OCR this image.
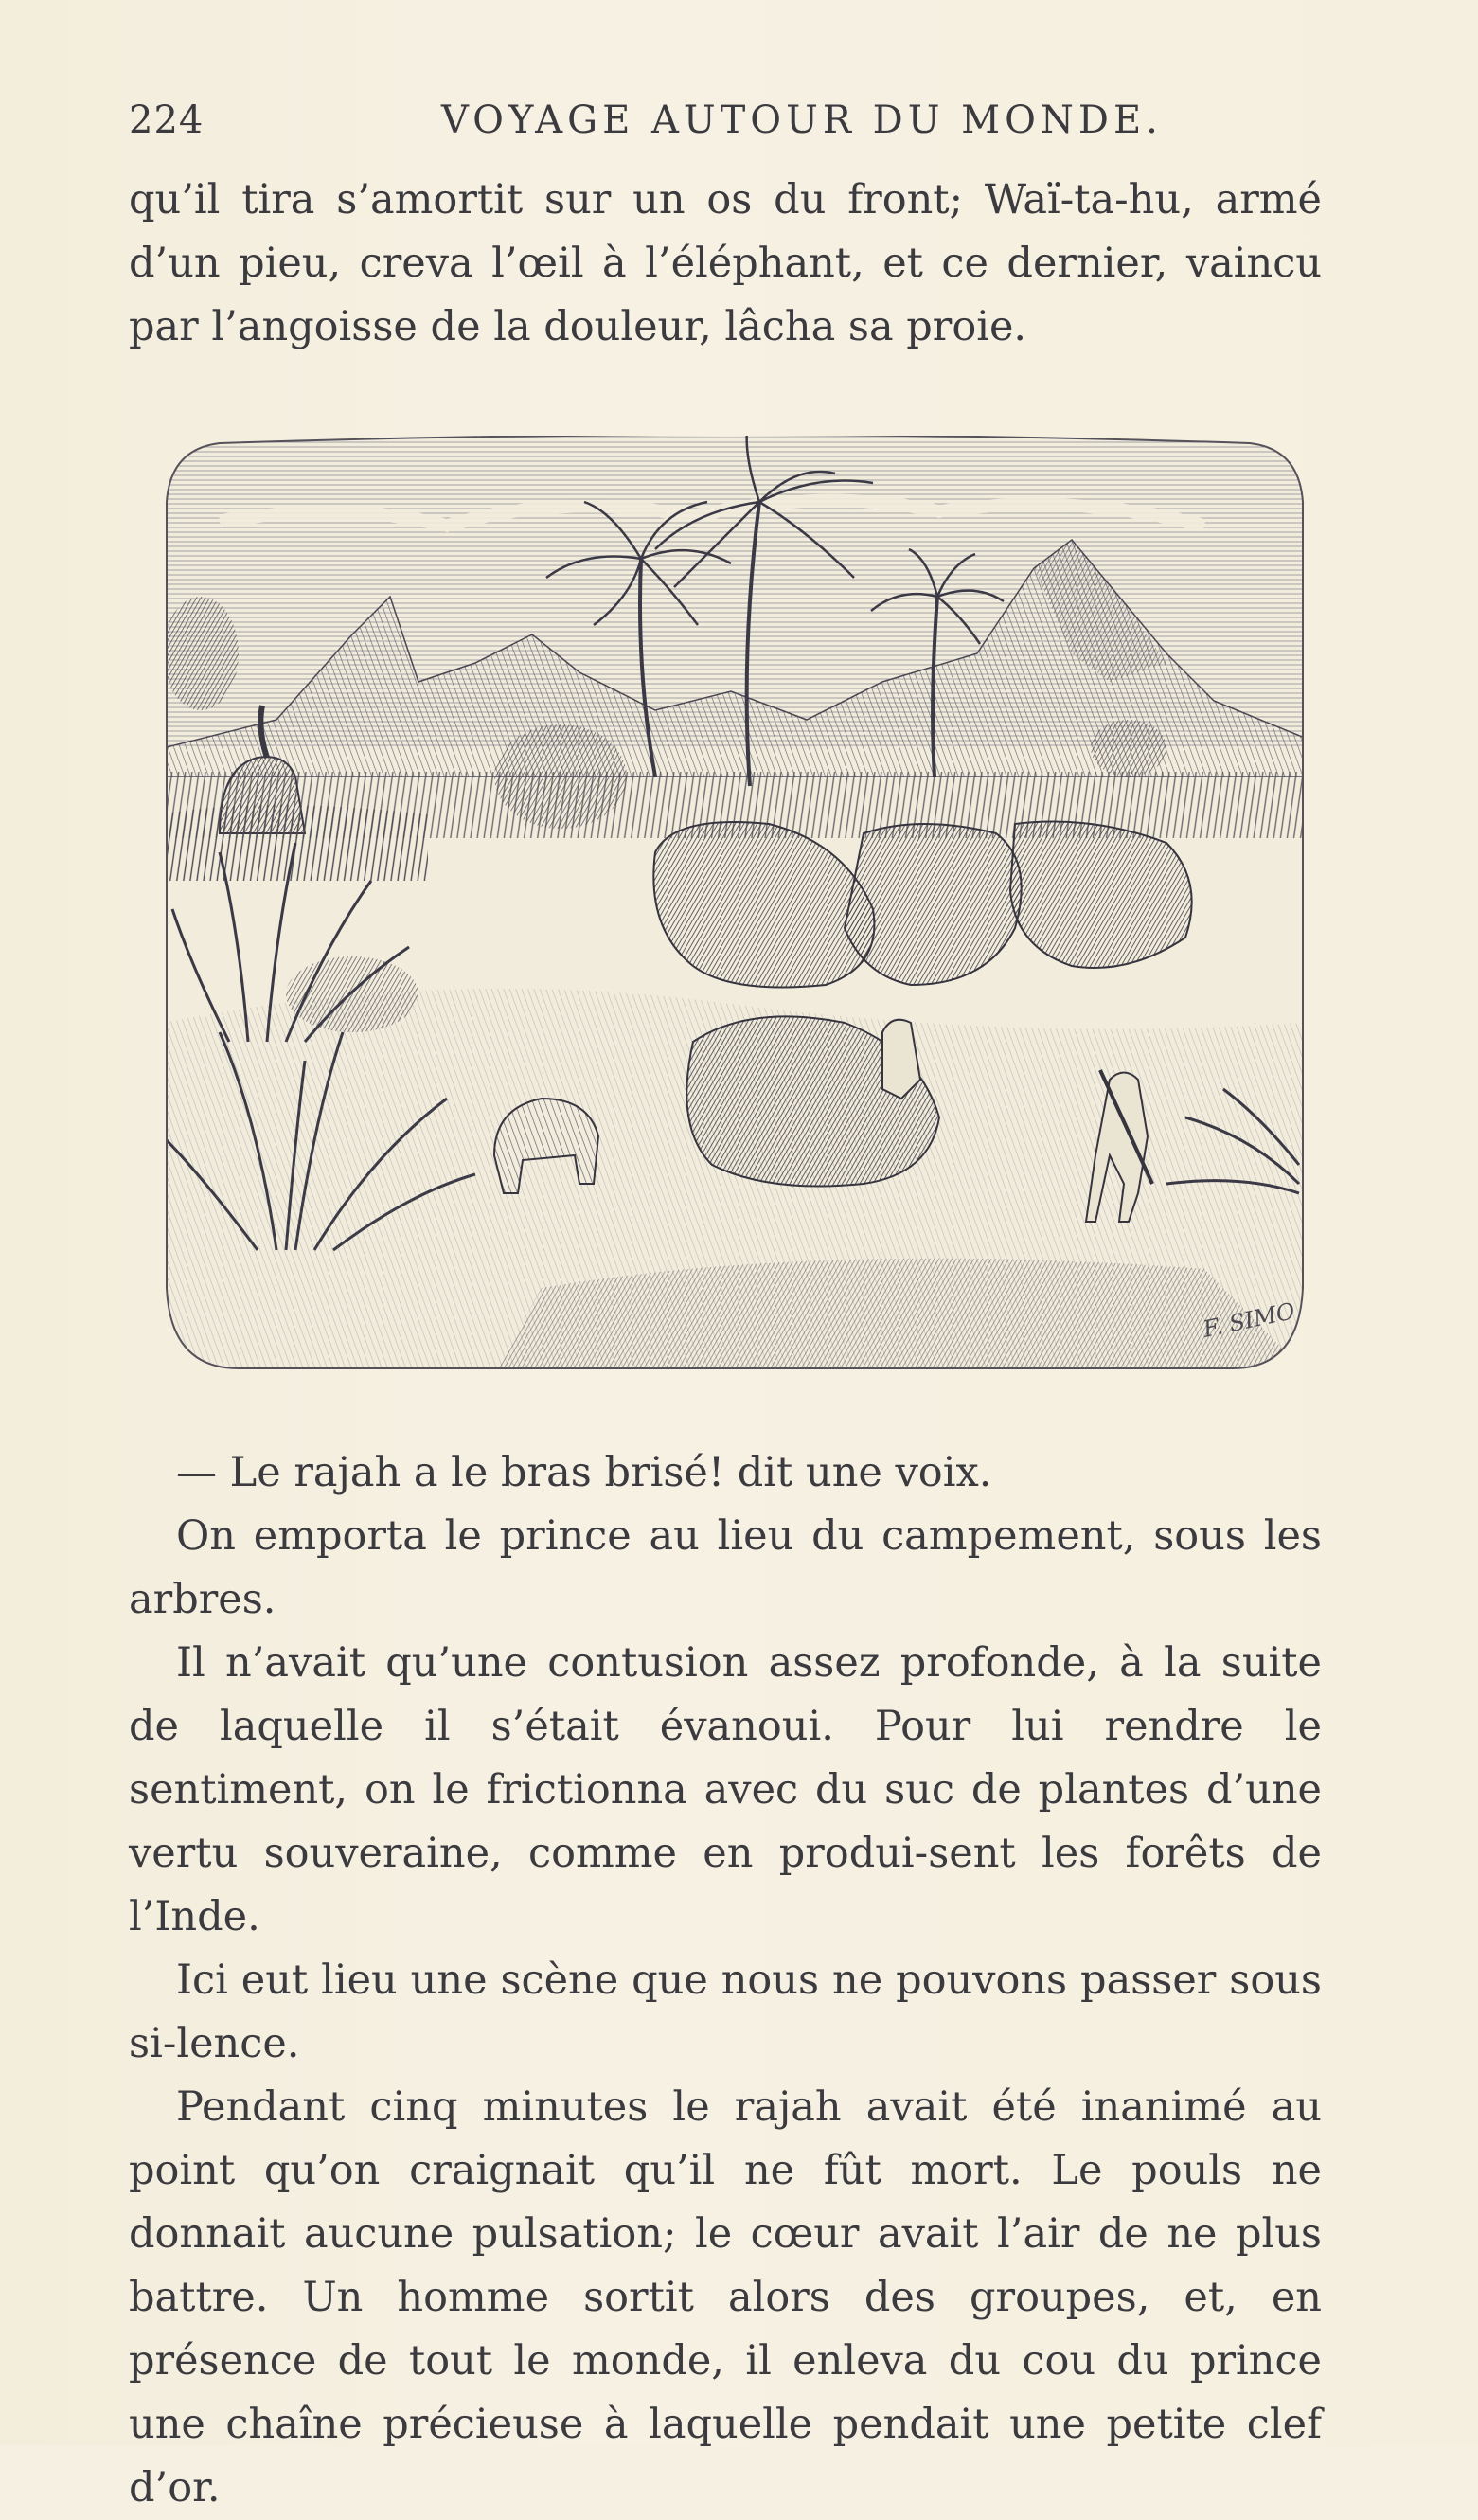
224	VOYAGE AUTOUR DU MONDE.

qu’il tira s’amortit sur un os du front; Waï-ta-hu, armé d’un pieu, creva l’œil à l’éléphant, et ce dernier, vaincu par l’angoisse de la douleur, lâcha sa proie.

F. SIMO

— Le rajah a le bras brisé! dit une voix.

On emporta le prince au lieu du campement, sous les arbres.

Il n’avait qu’une contusion assez profonde, à la suite de laquelle il s’était évanoui. Pour lui rendre le sentiment, on le frictionna avec du suc de plantes d’une vertu souveraine, comme en produi-sent les forêts de l’Inde.

Ici eut lieu une scène que nous ne pouvons passer sous si-lence.

Pendant cinq minutes le rajah avait été inanimé au point qu’on craignait qu’il ne fût mort. Le pouls ne donnait aucune pulsation; le cœur avait l’air de ne plus battre. Un homme sortit alors des groupes, et, en présence de tout le monde, il enleva du cou du prince une chaîne précieuse à laquelle pendait une petite clef d’or.
